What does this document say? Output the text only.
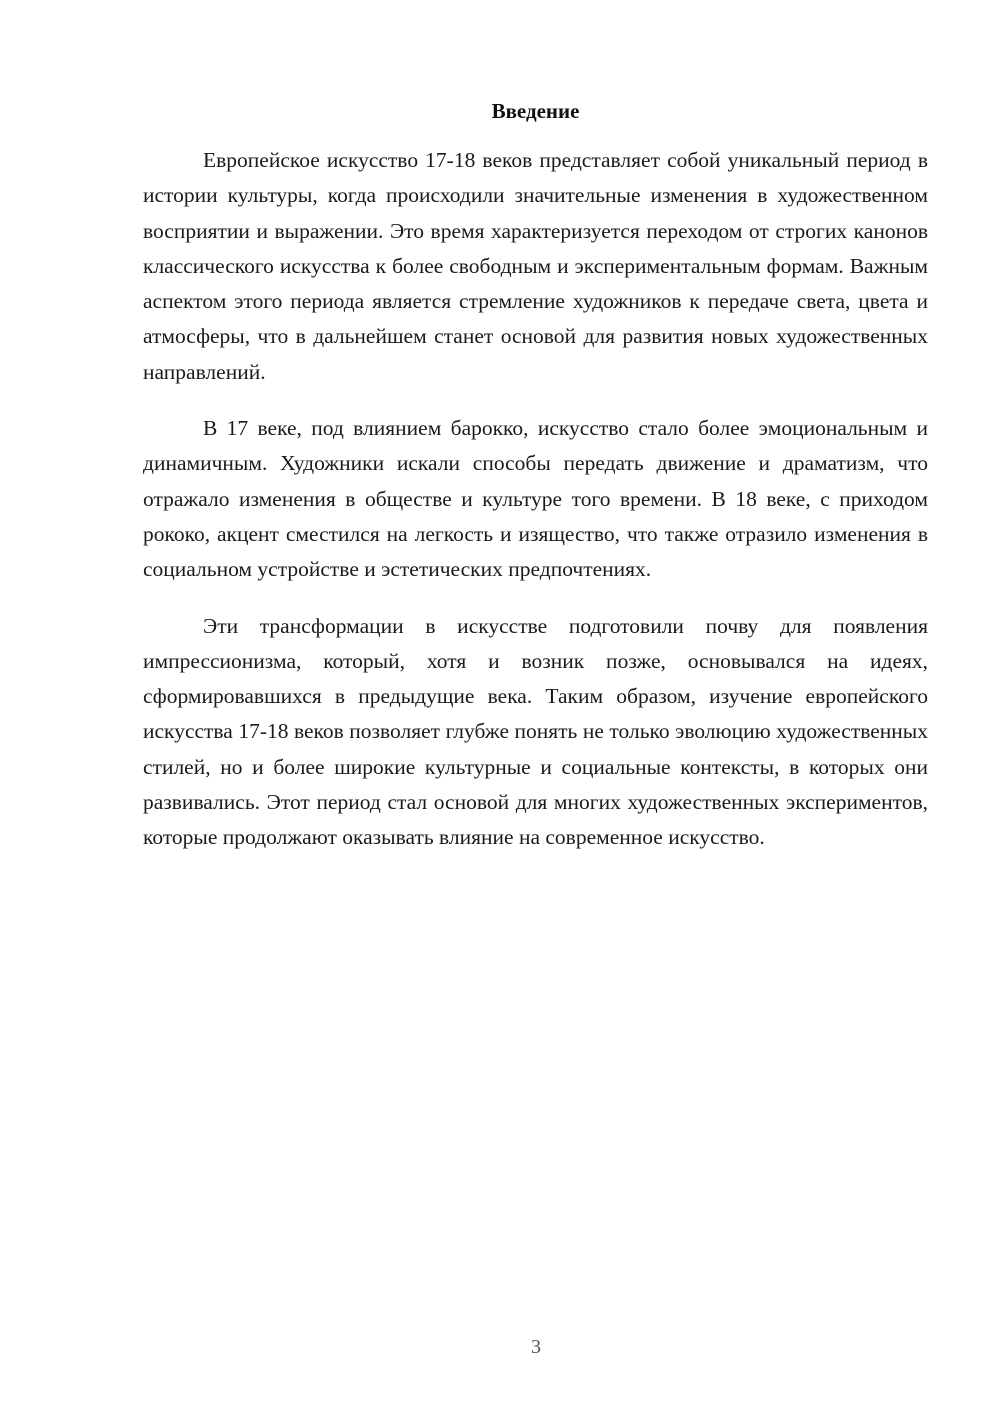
Введение

Европейское искусство 17-18 веков представляет собой уникальный период в истории культуры, когда происходили значительные изменения в художественном восприятии и выражении. Это время характеризуется переходом от строгих канонов классического искусства к более свободным и экспериментальным формам. Важным аспектом этого периода является стремление художников к передаче света, цвета и атмосферы, что в дальнейшем станет основой для развития новых художественных направлений.

В 17 веке, под влиянием барокко, искусство стало более эмоциональным и динамичным. Художники искали способы передать движение и драматизм, что отражало изменения в обществе и культуре того времени. В 18 веке, с приходом рококо, акцент сместился на легкость и изящество, что также отразило изменения в социальном устройстве и эстетических предпочтениях.

Эти трансформации в искусстве подготовили почву для появления импрессионизма, который, хотя и возник позже, основывался на идеях, сформировавшихся в предыдущие века. Таким образом, изучение европейского искусства 17-18 веков позволяет глубже понять не только эволюцию художественных стилей, но и более широкие культурные и социальные контексты, в которых они развивались. Этот период стал основой для многих художественных экспериментов, которые продолжают оказывать влияние на современное искусство.

3
